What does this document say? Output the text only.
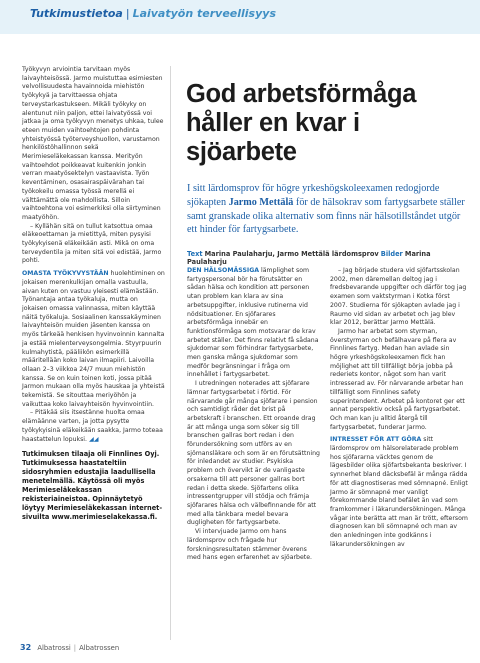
Tutkimustietoa | Laivatyön terveellisyys

Työkyvyn arviointia tarvitaan myös laivayhteisössä. Jarmo muistuttaa esimiesten velvollisuudesta havainnoida miehistön työkykyä ja tarvittaessa ohjata terveystarkastukseen. Mikäli työkyky on alentunut niin paljon, ettei laivatyössä voi jatkaa ja oma työkyvyn menetys uhkaa, tulee eteen muiden vaihtoehtojen pohdinta yhteistyössä työterveyshuollon, varustamon henkilöstöhallinnon sekä Merimieseläkekassan kanssa. Merityön vaihtoehdot poikkeavat kuitenkin jonkin verran maatyösektelyn vastaavista. Työn keventäminen, osasairaspäivärahan tai työkokeilu omassa työssä merellä ei välttämättä ole mahdollista. Silloin vaihtoehtona voi esimerkiksi olla siirtyminen maatyöhön.

– Kyllähän sitä on tullut katsottua omaa eläkeoettaman ja mietittyä, miten pysyisi työkykyisenä eläkeikään asti. Mikä on oma terveydentila ja miten sitä voi edistää, Jarmo pohti.

OMASTA TYÖKYVYSTÄÄN huolehtiminen on jokaisen merenkulkijan omalla vastuulla, aivan kuten on vastuu yleisesti elämästään. Työnantaja antaa työkaluja, mutta on jokaisen omassa valinnassa, miten käyttää näitä työkaluja. Sosiaalinen kanssakäyminen laivayhteisön muiden jäsenten kanssa on myös tärkeää henkisen hyvinvoinnin kannalta ja estää mielenterveysongelmia. Styyrpuurin kulmahytistä, pääliikön esimerkillä määritellään koko laivan ilmapiiri. Laivoilla ollaan 2–3 viikkoa 24/7 muun miehistön kanssa. Se on kuin toinen koti, jossa pitää Jarmon mukaan olla myös hauskaa ja yhteistä tekemistä. Se sitouttaa meriyöhön ja vaikuttaa koko laivayhteisön hyvinvointiin.

– Pitäkää siis itsestänne huolta omaa elämäänne varten, ja jotta pysytte työkykyisinä eläkeikään saakka, Jarmo toteaa haastattelun lopuksi. ◢◢

Tutkimuksen tilaaja oli Finnlines Oyj. Tutkimuksessa haastateltiin sidosryhmien edustajia laadullisella menetelmällä. Käytössä oli myös Merimieseläkekassan rekisteriaineistoa. Opinnäytetyö löytyy Merimieseläkekassan internet-sivuilta www.merimieselakekassa.fi.

God arbetsförmåga håller en kvar i sjöarbete

I sitt lärdomsprov för högre yrkeshögskoleexamen redogjorde sjökapten Jarmo Mettälä för de hälsokrav som fartygsarbete ställer samt granskade olika alternativ som finns när hälsotillståndet utgör ett hinder för fartygsarbete.

Text Marina Paulaharju, Jarmo Mettälä lärdomsprov Bilder Marina Paulaharju

DEN HÄLSOMÄSSIGA lämplighet som fartygspersonal bör ha förutsätter en sådan hälsa och kondition att personen utan problem kan klara av sina arbetsuppgifter, inklusive rutinerna vid nödsituationer. En sjöfarares arbetsförmåga innebär en funktionsförmåga som motsvarar de krav arbetet ställer. Det finns relativt få sådana sjukdomar som förhindrar fartygsarbete, men ganska många sjukdomar som medför begränsningar i fråga om innehållet i fartygsarbetet.

I utredningen noterades att sjöfarare lämnar fartygsarbetet i förtid. För närvarande går många sjöfarare i pension och samtidigt råder det brist på arbetskraft i branschen. Ett oroande drag är att många unga som söker sig till branschen gallras bort redan i den förundersökning som utförs av en sjömansläkare och som är en förutsättning för inledandet av studier. Psykiska problem och övervikt är de vanligaste orsakerna till att personer gallras bort redan i detta skede. Sjöfartens olika intressentgrupper vill stödja och främja sjöfarares hälsa och välbefinnande för att med alla tänkbara medel bevara dugligheten för fartygsarbete.

Vi intervjuade Jarmo om hans lärdomsprov och frågade hur forskningsresultaten stämmer överens med hans egen erfarenhet av sjöarbete.

– Jag började studera vid sjöfartsskolan 2002, men däremellan deltog jag i fredsbevarande uppgifter och därför tog jag examen som vaktstyrman i Kotka först 2007. Studierna för sjökapten avlade jag i Raumo vid sidan av arbetet och jag blev klar 2012, berättar Jarmo Mettälä.

Jarmo har arbetat som styrman, överstyrman och befälhavare på flera av Finnlines fartyg. Medan han avlade sin högre yrkeshögskoleexamen fick han möjlighet att till tillfälligt börja jobba på rederiets kontor, något som han varit intresserad av. För närvarande arbetar han tillfälligt som Finnlines safety superintendent. Arbetet på kontoret ger ett annat perspektiv också på fartygsarbetet. Och man kan ju alltid återgå till fartygsarbetet, funderar Jarmo.

INTRESSET FÖR ATT GÖRA sitt lärdomsprov om hälsorelaterade problem hos sjöfararna väcktes genom de lägesbilder olika sjöfartsbekanta beskriver. I synnerhet bland däcksbefäl är många rädda för att diagnostiseras med sömnapné. Enligt Jarmo är sömnapné mer vanligt förekommande bland befälet än vad som framkommer i läkarundersökningen. Många vågar inte berätta att man är trött, eftersom diagnosen kan bli sömnapné och man av den anledningen inte godkänns i läkarundersökningen av

32 Albatrossi | Albatrossen
